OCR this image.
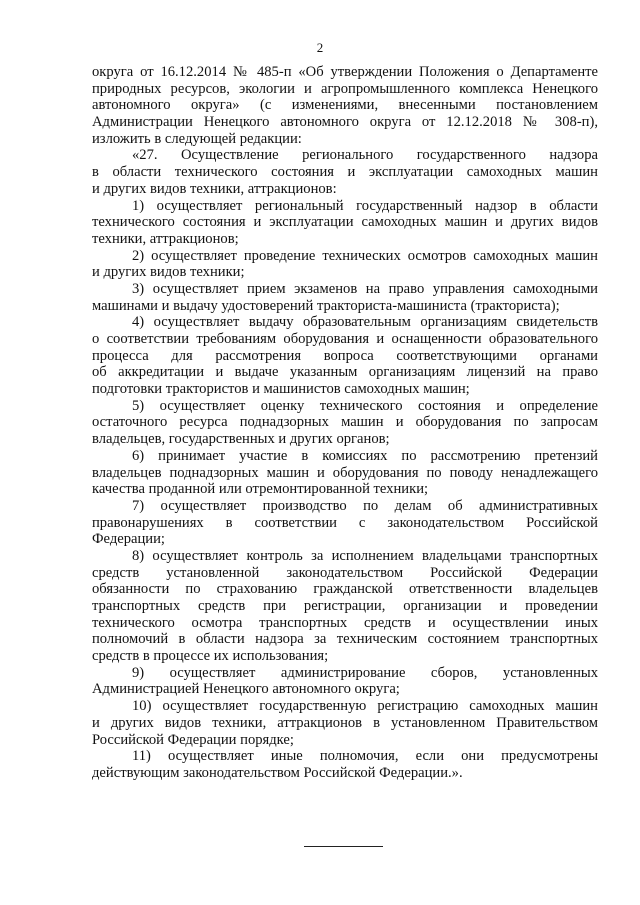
2
округа от 16.12.2014 № 485-п «Об утверждении Положения о Департаменте
природных ресурсов, экологии и агропромышленного комплекса Ненецкого
автономного округа» (с изменениями, внесенными постановлением
Администрации Ненецкого автономного округа от 12.12.2018 № 308-п),
изложить в следующей редакции:
«27. Осуществление регионального государственного надзора
в области технического состояния и эксплуатации самоходных машин
и других видов техники, аттракционов:
1) осуществляет региональный государственный надзор в области
технического состояния и эксплуатации самоходных машин и других видов
техники, аттракционов;
2) осуществляет проведение технических осмотров самоходных машин
и других видов техники;
3) осуществляет прием экзаменов на право управления самоходными
машинами и выдачу удостоверений тракториста-машиниста (тракториста);
4) осуществляет выдачу образовательным организациям свидетельств
о соответствии требованиям оборудования и оснащенности образовательного
процесса для рассмотрения вопроса соответствующими органами
об аккредитации и выдаче указанным организациям лицензий на право
подготовки трактористов и машинистов самоходных машин;
5) осуществляет оценку технического состояния и определение
остаточного ресурса поднадзорных машин и оборудования по запросам
владельцев, государственных и других органов;
6) принимает участие в комиссиях по рассмотрению претензий
владельцев поднадзорных машин и оборудования по поводу ненадлежащего
качества проданной или отремонтированной техники;
7) осуществляет производство по делам об административных
правонарушениях в соответствии с законодательством Российской
Федерации;
8) осуществляет контроль за исполнением владельцами транспортных
средств установленной законодательством Российской Федерации
обязанности по страхованию гражданской ответственности владельцев
транспортных средств при регистрации, организации и проведении
технического осмотра транспортных средств и осуществлении иных
полномочий в области надзора за техническим состоянием транспортных
средств в процессе их использования;
9) осуществляет администрирование сборов, установленных
Администрацией Ненецкого автономного округа;
10) осуществляет государственную регистрацию самоходных машин
и других видов техники, аттракционов в установленном Правительством
Российской Федерации порядке;
11) осуществляет иные полномочия, если они предусмотрены
действующим законодательством Российской Федерации.».
